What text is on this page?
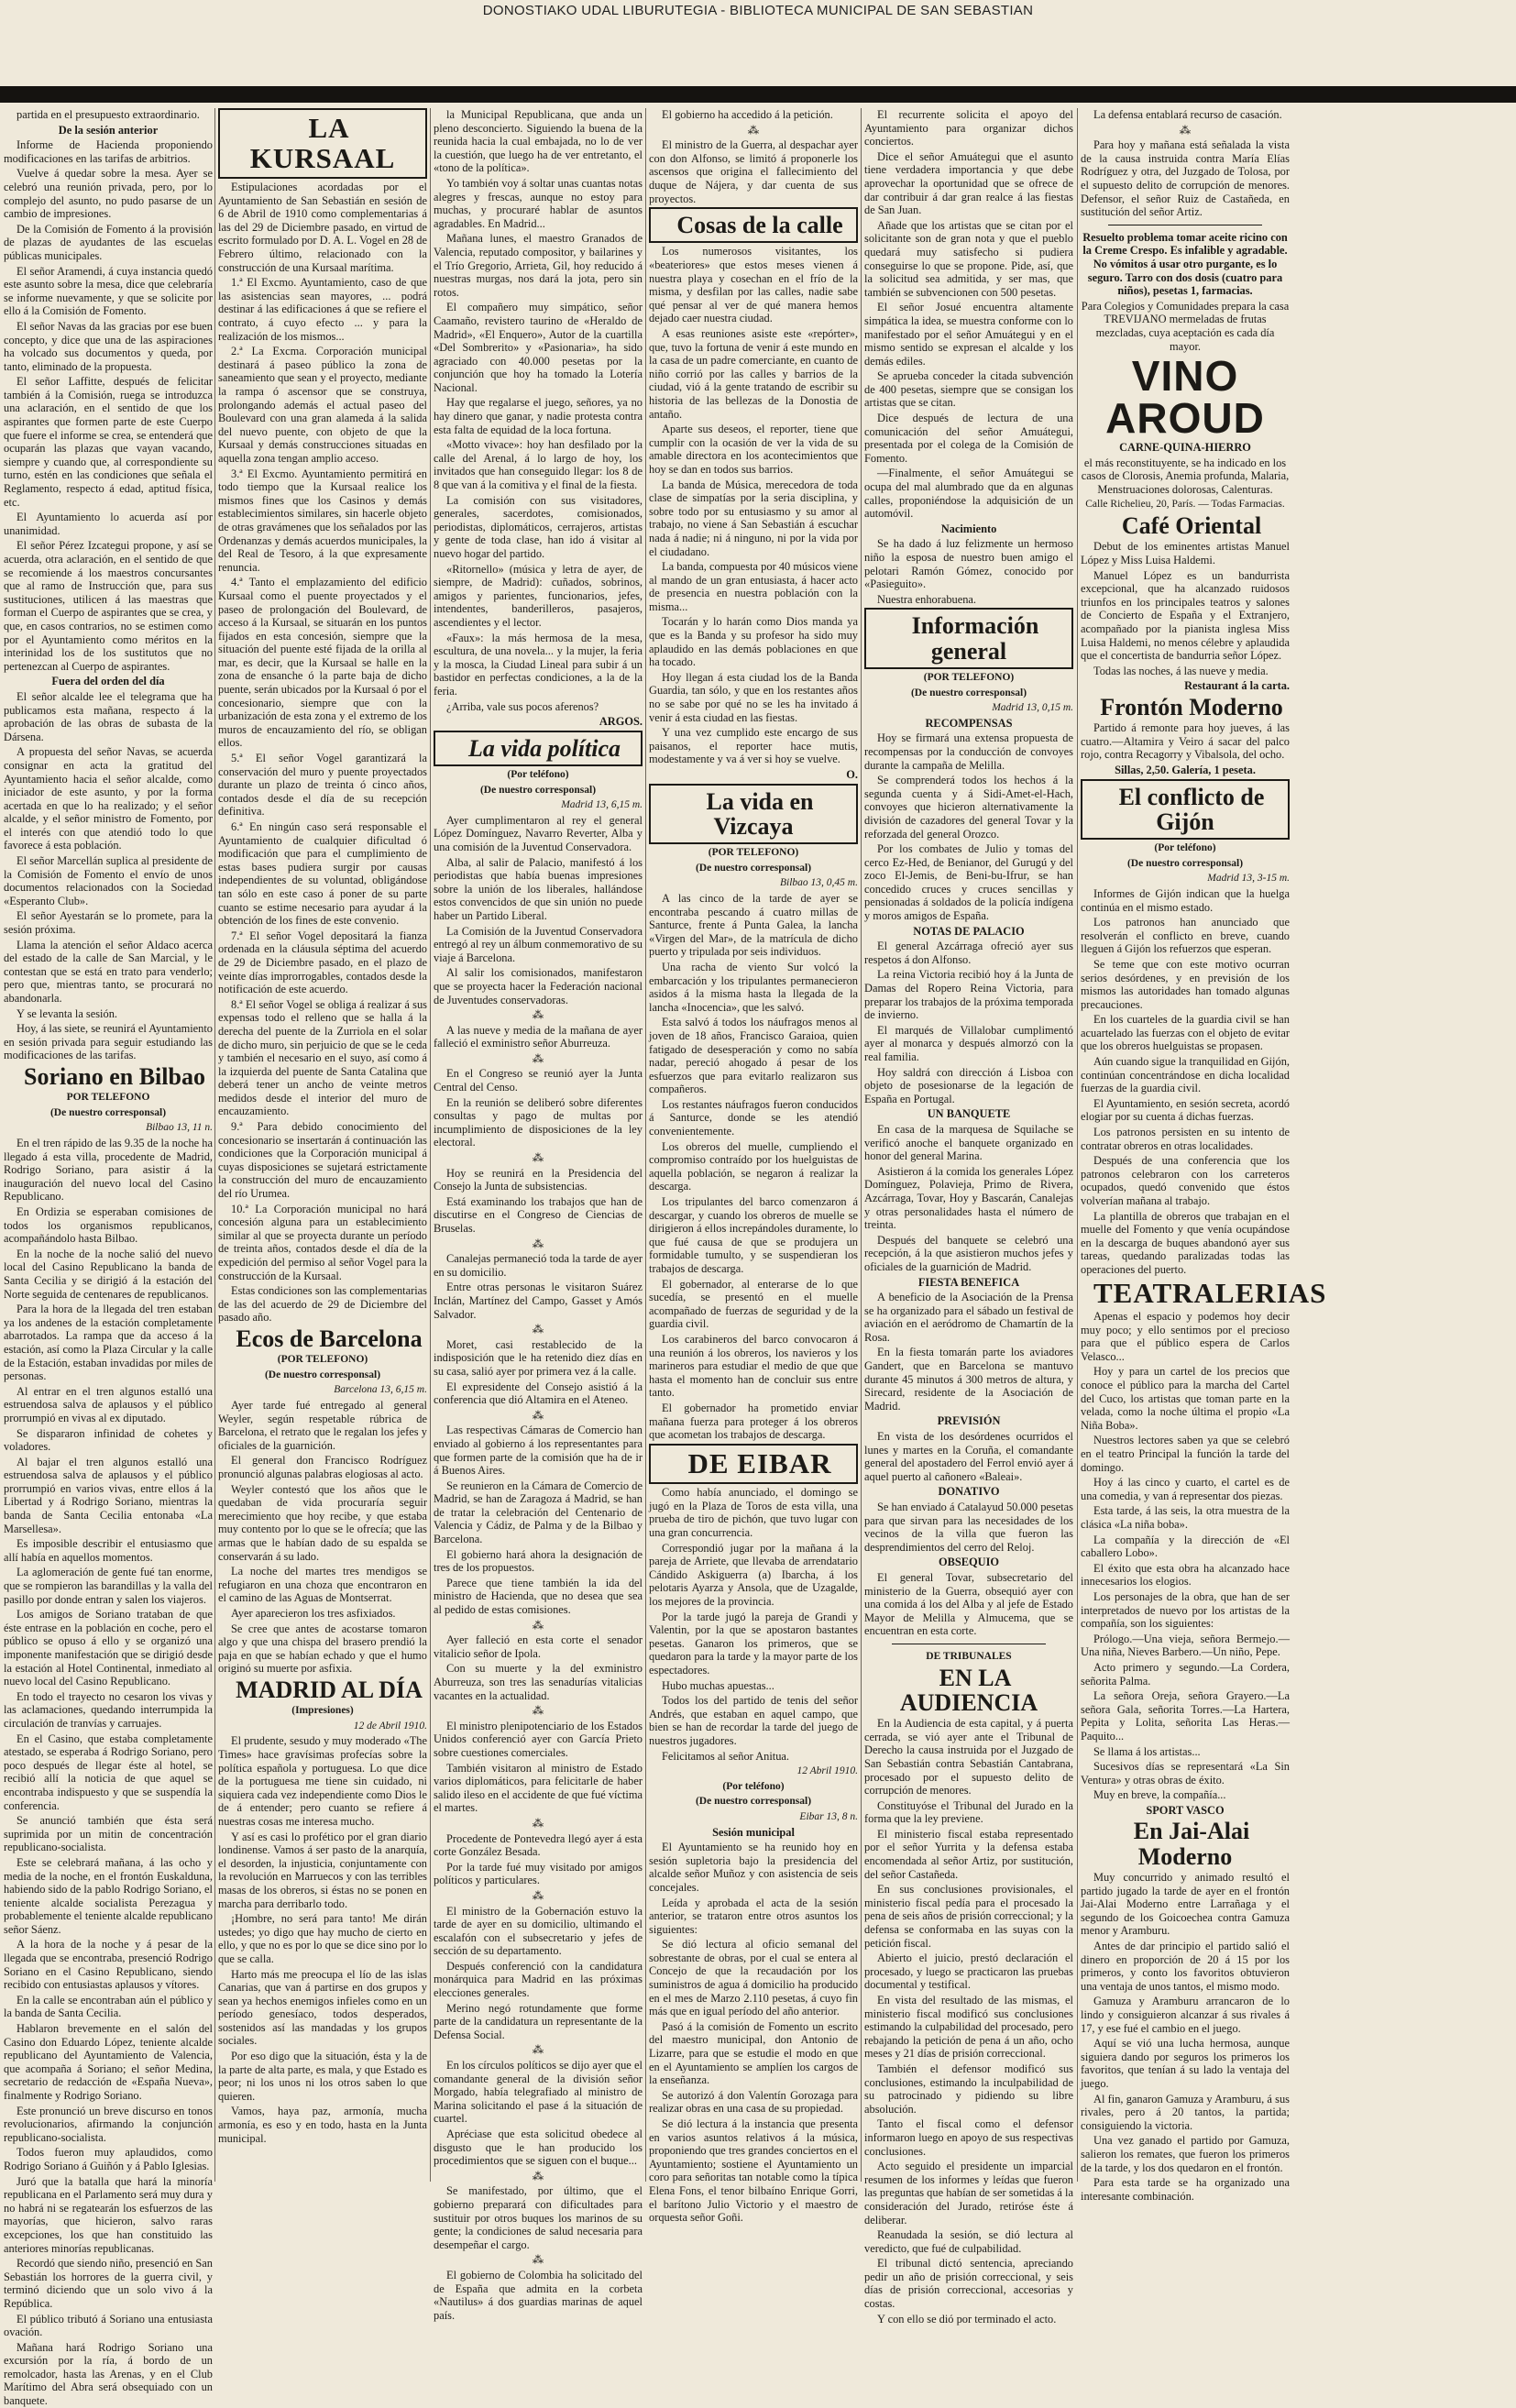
DONOSTIAKO UDAL LIBURUTEGIA - BIBLIOTECA MUNICIPAL DE SAN SEBASTIAN

partida en el presupuesto extraordinario.

De la sesión anterior

Informe de Hacienda proponiendo modificaciones en las tarifas de arbitrios.

Vuelve á quedar sobre la mesa. Ayer se celebró una reunión privada, pero, por lo complejo del asunto, no pudo pasarse de un cambio de impresiones.

De la Comisión de Fomento á la provisión de plazas de ayudantes de las escuelas públicas municipales.

El señor Aramendi, á cuya instancia quedó este asunto sobre la mesa, dice que celebraría se informe nuevamente, y que se solicite por ello á la Comisión de Fomento.

El señor Navas da las gracias por ese buen concepto, y dice que una de las aspiraciones ha volcado sus documentos y queda, por tanto, eliminado de la propuesta.

El señor Laffitte, después de felicitar también á la Comisión, ruega se introduzca una aclaración, en el sentido de que los aspirantes que formen parte de este Cuerpo que fuere el informe se crea, se entenderá que ocuparán las plazas que vayan vacando, siempre y cuando que, al correspondiente su turno, estén en las condiciones que señala el Reglamento, respecto á edad, aptitud física, etc.

El Ayuntamiento lo acuerda así por unanimidad.

El señor Pérez Izcategui propone, y así se acuerda, otra aclaración, en el sentido de que se recomiende á los maestros concursantes que al ramo de Instrucción que, para sus sustituciones, utilicen á las maestras que forman el Cuerpo de aspirantes que se crea, y que, en casos contrarios, no se estimen como por el Ayuntamiento como méritos en la interinidad los de los sustitutos que no pertenezcan al Cuerpo de aspirantes.

Fuera del orden del día

El señor alcalde lee el telegrama que ha publicamos esta mañana, respecto á la aprobación de las obras de subasta de la Dársena.

A propuesta del señor Navas, se acuerda consignar en acta la gratitud del Ayuntamiento hacia el señor alcalde, como iniciador de este asunto, y por la forma acertada en que lo ha realizado; y el señor alcalde, y el señor ministro de Fomento, por el interés con que atendió todo lo que favorece á esta población.

El señor Marcellán suplica al presidente de la Comisión de Fomento el envío de unos documentos relacionados con la Sociedad «Esperanto Club».

El señor Ayestarán se lo promete, para la sesión próxima.

Llama la atención el señor Aldaco acerca del estado de la calle de San Marcial, y le contestan que se está en trato para venderlo; pero que, mientras tanto, se procurará no abandonarla.

Y se levanta la sesión.

Hoy, á las siete, se reunirá el Ayuntamiento en sesión privada para seguir estudiando las modificaciones de las tarifas.

Soriano en Bilbao

POR TELEFONO

(De nuestro corresponsal)

Bilbao 13, 11 n.

En el tren rápido de las 9.35 de la noche ha llegado á esta villa, procedente de Madrid, Rodrigo Soriano, para asistir á la inauguración del nuevo local del Casino Republicano.

En Ordizia se esperaban comisiones de todos los organismos republicanos, acompañándolo hasta Bilbao.

En la noche de la noche salió del nuevo local del Casino Republicano la banda de Santa Cecilia y se dirigió á la estación del Norte seguida de centenares de republicanos.

Para la hora de la llegada del tren estaban ya los andenes de la estación completamente abarrotados. La rampa que da acceso á la estación, así como la Plaza Circular y la calle de la Estación, estaban invadidas por miles de personas.

Al entrar en el tren algunos estalló una estruendosa salva de aplausos y el público prorrumpió en vivas al ex diputado.

Se dispararon infinidad de cohetes y voladores.

Al bajar el tren algunos estalló una estruendosa salva de aplausos y el público prorrumpió en varios vivas, entre ellos á la Libertad y á Rodrigo Soriano, mientras la banda de Santa Cecilia entonaba «La Marsellesa».

Es imposible describir el entusiasmo que allí había en aquellos momentos.

La aglomeración de gente fué tan enorme, que se rompieron las barandillas y la valla del pasillo por donde entran y salen los viajeros.

Los amigos de Soriano trataban de que éste entrase en la población en coche, pero el público se opuso á ello y se organizó una imponente manifestación que se dirigió desde la estación al Hotel Continental, inmediato al nuevo local del Casino Republicano.

En todo el trayecto no cesaron los vivas y las aclamaciones, quedando interrumpida la circulación de tranvías y carruajes.

En el Casino, que estaba completamente atestado, se esperaba á Rodrigo Soriano, pero poco después de llegar éste al hotel, se recibió allí la noticia de que aquel se encontraba indispuesto y que se suspendía la conferencia.

Se anunció también que ésta será suprimida por un mitin de concentración republicano-socialista.

Este se celebrará mañana, á las ocho y media de la noche, en el frontón Euskalduna, habiendo sido de la pablo Rodrigo Soriano, el teniente alcalde socialista Perezagua y probablemente el teniente alcalde republicano señor Sáenz.

A la hora de la noche y á pesar de la llegada que se encontraba, presenció Rodrigo Soriano en el Casino Republicano, siendo recibido con entusiastas aplausos y vítores.

En la calle se encontraban aún el público y la banda de Santa Cecilia.

Hablaron brevemente en el salón del Casino don Eduardo López, teniente alcalde republicano del Ayuntamiento de Valencia, que acompaña á Soriano; el señor Medina, secretario de redacción de «España Nueva», finalmente y Rodrigo Soriano.

Este pronunció un breve discurso en tonos revolucionarios, afirmando la conjunción republicano-socialista.

Todos fueron muy aplaudidos, como Rodrigo Soriano á Guiñón y á Pablo Iglesias.

Juró que la batalla que hará la minoría republicana en el Parlamento será muy dura y no habrá ni se regatearán los esfuerzos de las mayorías, que hicieron, salvo raras excepciones, los que han constituido las anteriores minorías republicanas.

Recordó que siendo niño, presenció en San Sebastián los horrores de la guerra civil, y terminó diciendo que un solo vivo á la República.

El público tributó á Soriano una entusiasta ovación.

Mañana hará Rodrigo Soriano una excursión por la ría, á bordo de un remolcador, hasta las Arenas, y en el Club Marítimo del Abra será obsequiado con un banquete.

LA KURSAAL

Estipulaciones acordadas por el Ayuntamiento de San Sebastián en sesión de 6 de Abril de 1910 como complementarias á las del 29 de Diciembre pasado, en virtud de escrito formulado por D. A. L. Vogel en 28 de Febrero último, relacionado con la construcción de una Kursaal marítima.

1.ª El Excmo. Ayuntamiento, caso de que las asistencias sean mayores, ... podrá destinar á las edificaciones á que se refiere el contrato, á cuyo efecto ... y para la realización de los mismos...

2.ª La Excma. Corporación municipal destinará á paseo público la zona de saneamiento que sean y el proyecto, mediante la rampa ó ascensor que se construya, prolongando además el actual paseo del Boulevard con una gran alameda á la salida del nuevo puente, con objeto de que la Kursaal y demás construcciones situadas en aquella zona tengan amplio acceso.

3.ª El Excmo. Ayuntamiento permitirá en todo tiempo que la Kursaal realice los mismos fines que los Casinos y demás establecimientos similares, sin hacerle objeto de otras gravámenes que los señalados por las Ordenanzas y demás acuerdos municipales, la del Real de Tesoro, á la que expresamente renuncia.

4.ª Tanto el emplazamiento del edificio Kursaal como el puente proyectados y el paseo de prolongación del Boulevard, de acceso á la Kursaal, se situarán en los puntos fijados en esta concesión, siempre que la situación del puente esté fijada de la orilla al mar, es decir, que la Kursaal se halle en la zona de ensanche ó la parte baja de dicho puente, serán ubicados por la Kursaal ó por el concesionario, siempre que con la urbanización de esta zona y el extremo de los muros de encauzamiento del río, se obligan ellos.

5.ª El señor Vogel garantizará la conservación del muro y puente proyectados durante un plazo de treinta ó cinco años, contados desde el día de su recepción definitiva.

6.ª En ningún caso será responsable el Ayuntamiento de cualquier dificultad ó modificación que para el cumplimiento de estas bases pudiera surgir por causas independientes de su voluntad, obligándose tan sólo en este caso á poner de su parte cuanto se estime necesario para ayudar á la obtención de los fines de este convenio.

7.ª El señor Vogel depositará la fianza ordenada en la cláusula séptima del acuerdo de 29 de Diciembre pasado, en el plazo de veinte días improrrogables, contados desde la notificación de este acuerdo.

8.ª El señor Vogel se obliga á realizar á sus expensas todo el relleno que se halla á la derecha del puente de la Zurriola en el solar de dicho muro, sin perjuicio de que se le ceda y también el necesario en el suyo, así como á la izquierda del puente de Santa Catalina que deberá tener un ancho de veinte metros medidos desde el interior del muro de encauzamiento.

9.ª Para debido conocimiento del concesionario se insertarán á continuación las condiciones que la Corporación municipal á cuyas disposiciones se sujetará estrictamente la construcción del muro de encauzamiento del río Urumea.

10.ª La Corporación municipal no hará concesión alguna para un establecimiento similar al que se proyecta durante un período de treinta años, contados desde el día de la expedición del permiso al señor Vogel para la construcción de la Kursaal.

Estas condiciones son las complementarias de las del acuerdo de 29 de Diciembre del pasado año.

Ecos de Barcelona

(POR TELEFONO)

(De nuestro corresponsal)

Barcelona 13, 6,15 m.

Ayer tarde fué entregado al general Weyler, según respetable rúbrica de Barcelona, el retrato que le regalan los jefes y oficiales de la guarnición.

El general don Francisco Rodríguez pronunció algunas palabras elogiosas al acto.

Weyler contestó que los años que le quedaban de vida procuraría seguir merecimiento que hoy recibe, y que estaba muy contento por lo que se le ofrecía; que las armas que le habían dado de su espalda se conservarán á su lado.

La noche del martes tres mendigos se refugiaron en una choza que encontraron en el camino de las Aguas de Montserrat.

Ayer aparecieron los tres asfixiados.

Se cree que antes de acostarse tomaron algo y que una chispa del brasero prendió la paja en que se habían echado y que el humo originó su muerte por asfixia.

MADRID AL DÍA

(Impresiones)

12 de Abril 1910.

El prudente, sesudo y muy moderado «The Times» hace gravísimas profecías sobre la política española y portuguesa. Lo que dice de la portuguesa me tiene sin cuidado, ni siquiera cada vez independiente como Dios le de á entender; pero cuanto se refiere á nuestras cosas me interesa mucho.

Y así es casi lo profético por el gran diario londinense. Vamos á ser pasto de la anarquía, el desorden, la injusticia, conjuntamente con la revolución en Marruecos y con las terribles masas de los obreros, si éstas no se ponen en marcha para derribarlo todo.

¡Hombre, no será para tanto! Me dirán ustedes; yo digo que hay mucho de cierto en ello, y que no es por lo que se dice sino por lo que se calla.

Harto más me preocupa el lío de las islas Canarias, que van á partirse en dos grupos y sean ya hechos enemigos infieles como en un período genesíaco, todos desperados, sostenidos así las mandadas y los grupos sociales.

Por eso digo que la situación, ésta y la de la parte de alta parte, es mala, y que Estado es peor; ni los unos ni los otros saben lo que quieren.

Vamos, haya paz, armonía, mucha armonía, es eso y en todo, hasta en la Junta municipal.

la Municipal Republicana, que anda un pleno desconcierto. Siguiendo la buena de la reunida hacia la cual embajada, no lo de ver la cuestión, que luego ha de ver entretanto, el «tono de la política».

Yo también voy á soltar unas cuantas notas alegres y frescas, aunque no estoy para muchas, y procuraré hablar de asuntos agradables. En Madrid...

Mañana lunes, el maestro Granados de Valencia, reputado compositor, y bailarines y el Trío Gregorio, Arrieta, Gil, hoy reducido á nuestras murgas, nos dará la jota, pero sin rotos.

El compañero muy simpático, señor Caamaño, revistero taurino de «Heraldo de Madrid», «El Enquero», Autor de la cuartilla «Del Sombrerito» y «Pasionaria», ha sido agraciado con 40.000 pesetas por la conjunción que hoy ha tomado la Lotería Nacional.

Hay que regalarse el juego, señores, ya no hay dinero que ganar, y nadie protesta contra esta falta de equidad de la loca fortuna.

«Motto vivace»: hoy han desfilado por la calle del Arenal, á lo largo de hoy, los invitados que han conseguido llegar: los 8 de 8 que van á la comitiva y el final de la fiesta.

La comisión con sus visitadores, generales, sacerdotes, comisionados, periodistas, diplomáticos, cerrajeros, artistas y gente de toda clase, han ido á visitar al nuevo hogar del partido.

«Ritornello» (música y letra de ayer, de siempre, de Madrid): cuñados, sobrinos, amigos y parientes, funcionarios, jefes, intendentes, banderilleros, pasajeros, ascendientes y el lector.

«Faux»: la más hermosa de la mesa, escultura, de una novela... y la mujer, la feria y la mosca, la Ciudad Lineal para subir á un bastidor en perfectas condiciones, a la de la feria.

¿Arriba, vale sus pocos aferenos?

ARGOS.

La vida política

(Por teléfono)

(De nuestro corresponsal)

Madrid 13, 6,15 m.

Ayer cumplimentaron al rey el general López Domínguez, Navarro Reverter, Alba y una comisión de la Juventud Conservadora.

Alba, al salir de Palacio, manifestó á los periodistas que había buenas impresiones sobre la unión de los liberales, hallándose estos convencidos de que sin unión no puede haber un Partido Liberal.

La Comisión de la Juventud Conservadora entregó al rey un álbum conmemorativo de su viaje á Barcelona.

Al salir los comisionados, manifestaron que se proyecta hacer la Federación nacional de Juventudes conservadoras.

⁂

A las nueve y media de la mañana de ayer falleció el exministro señor Aburreuza.

⁂

En el Congreso se reunió ayer la Junta Central del Censo.

En la reunión se deliberó sobre diferentes consultas y pago de multas por incumplimiento de disposiciones de la ley electoral.

⁂

Hoy se reunirá en la Presidencia del Consejo la Junta de subsistencias.

Está examinando los trabajos que han de discutirse en el Congreso de Ciencias de Bruselas.

⁂

Canalejas permaneció toda la tarde de ayer en su domicilio.

Entre otras personas le visitaron Suárez Inclán, Martínez del Campo, Gasset y Amós Salvador.

⁂

Moret, casi restablecido de la indisposición que le ha retenido diez días en su casa, salió ayer por primera vez á la calle.

El expresidente del Consejo asistió á la conferencia que dió Altamira en el Ateneo.

⁂

Las respectivas Cámaras de Comercio han enviado al gobierno á los representantes para que formen parte de la comisión que ha de ir á Buenos Aires.

Se reunieron en la Cámara de Comercio de Madrid, se han de Zaragoza á Madrid, se han de tratar la celebración del Centenario de Valencia y Cádiz, de Palma y de la Bilbao y Barcelona.

El gobierno hará ahora la designación de tres de los propuestos.

Parece que tiene también la ida del ministro de Hacienda, que no desea que sea al pedido de estas comisiones.

⁂

Ayer falleció en esta corte el senador vitalicio señor de Ipola.

Con su muerte y la del exministro Aburreuza, son tres las senadurías vitalicias vacantes en la actualidad.

⁂

El ministro plenipotenciario de los Estados Unidos conferenció ayer con García Prieto sobre cuestiones comerciales.

También visitaron al ministro de Estado varios diplomáticos, para felicitarle de haber salido ileso en el accidente de que fué víctima el martes.

⁂

Procedente de Pontevedra llegó ayer á esta corte González Besada.

Por la tarde fué muy visitado por amigos políticos y particulares.

⁂

El ministro de la Gobernación estuvo la tarde de ayer en su domicilio, ultimando el escalafón con el subsecretario y jefes de sección de su departamento.

Después conferenció con la candidatura monárquica para Madrid en las próximas elecciones generales.

Merino negó rotundamente que forme parte de la candidatura un representante de la Defensa Social.

⁂

En los círculos políticos se dijo ayer que el comandante general de la división señor Morgado, había telegrafiado al ministro de Marina solicitando el pase á la situación de cuartel.

Apréciase que esta solicitud obedece al disgusto que le han producido los procedimientos que se siguen con el buque...

⁂

Se manifestado, por último, que el gobierno preparará con dificultades para sustituir por otros buques los marinos de su gente; la condiciones de salud necesaria para desempeñar el cargo.

⁂

El gobierno de Colombia ha solicitado del de España que admita en la corbeta «Nautilus» á dos guardias marinas de aquel país.

El gobierno ha accedido á la petición.

⁂

El ministro de la Guerra, al despachar ayer con don Alfonso, se limitó á proponerle los ascensos que origina el fallecimiento del duque de Nájera, y dar cuenta de sus proyectos.

Cosas de la calle

Los numerosos visitantes, los «beateriores» que estos meses vienen á nuestra playa y cosechan en el frío de la misma, y desfilan por las calles, nadie sabe qué pensar al ver de qué manera hemos dejado caer nuestra ciudad.

A esas reuniones asiste este «repórter», que, tuvo la fortuna de venir á este mundo en la casa de un padre comerciante, en cuanto de niño corrió por las calles y barrios de la ciudad, vió á la gente tratando de escribir su historia de las bellezas de la Donostia de antaño.

Aparte sus deseos, el reporter, tiene que cumplir con la ocasión de ver la vida de su amable directora en los acontecimientos que hoy se dan en todos sus barrios.

La banda de Música, merecedora de toda clase de simpatías por la seria disciplina, y sobre todo por su entusiasmo y su amor al trabajo, no viene á San Sebastián á escuchar nada á nadie; ni á ninguno, ni por la vida por el ciudadano.

La banda, compuesta por 40 músicos viene al mando de un gran entusiasta, á hacer acto de presencia en nuestra población con la misma...

Tocarán y lo harán como Dios manda ya que es la Banda y su profesor ha sido muy aplaudido en las demás poblaciones en que ha tocado.

Hoy llegan á esta ciudad los de la Banda Guardia, tan sólo, y que en los restantes años no se sabe por qué no se les ha invitado á venir á esta ciudad en las fiestas.

Y una vez cumplido este encargo de sus paisanos, el reporter hace mutis, modestamente y va á ver si hoy se vuelve.

O.

La vida en Vizcaya

(POR TELEFONO)

(De nuestro corresponsal)

Bilbao 13, 0,45 m.

A las cinco de la tarde de ayer se encontraba pescando á cuatro millas de Santurce, frente á Punta Galea, la lancha «Virgen del Mar», de la matrícula de dicho puerto y tripulada por seis individuos.

Una racha de viento Sur volcó la embarcación y los tripulantes permanecieron asidos á la misma hasta la llegada de la lancha «Inocencia», que les salvó.

Esta salvó á todos los náufragos menos al joven de 18 años, Francisco Garaioa, quien fatigado de desesperación y como no sabía nadar, pereció ahogado á pesar de los esfuerzos que para evitarlo realizaron sus compañeros.

Los restantes náufragos fueron conducidos á Santurce, donde se les atendió convenientemente.

Los obreros del muelle, cumpliendo el compromiso contraído por los huelguistas de aquella población, se negaron á realizar la descarga.

Los tripulantes del barco comenzaron á descargar, y cuando los obreros de muelle se dirigieron á ellos increpándoles duramente, lo que fué causa de que se produjera un formidable tumulto, y se suspendieran los trabajos de descarga.

El gobernador, al enterarse de lo que sucedía, se presentó en el muelle acompañado de fuerzas de seguridad y de la guardia civil.

Los carabineros del barco convocaron á una reunión á los obreros, los navieros y los marineros para estudiar el medio de que que hasta el momento han de concluir sus entre tanto.

El gobernador ha prometido enviar mañana fuerza para proteger á los obreros que acometan los trabajos de descarga.

DE EIBAR

Como había anunciado, el domingo se jugó en la Plaza de Toros de esta villa, una prueba de tiro de pichón, que tuvo lugar con una gran concurrencia.

Correspondió jugar por la mañana á la pareja de Arriete, que llevaba de arrendatario Cándido Askiguerra (a) Ibarcha, á los pelotaris Ayarza y Ansola, que de Uzagalde, los mejores de la provincia.

Por la tarde jugó la pareja de Grandi y Valentin, por la que se apostaron bastantes pesetas. Ganaron los primeros, que se quedaron para la tarde y la mayor parte de los espectadores.

Hubo muchas apuestas...

Todos los del partido de tenis del señor Andrés, que estaban en aquel campo, que bien se han de recordar la tarde del juego de nuestros jugadores.

Felicitamos al señor Anitua.

12 Abril 1910.

(Por teléfono)

(De nuestro corresponsal)

Eibar 13, 8 n.

Sesión municipal

El Ayuntamiento se ha reunido hoy en sesión supletoria bajo la presidencia del alcalde señor Muñoz y con asistencia de seis concejales.

Leída y aprobada el acta de la sesión anterior, se trataron entre otros asuntos los siguientes:

Se dió lectura al oficio semanal del sobrestante de obras, por el cual se entera al Concejo de que la recaudación por los suministros de agua á domicilio ha producido en el mes de Marzo 2.110 pesetas, á cuyo fin más que en igual período del año anterior.

Pasó á la comisión de Fomento un escrito del maestro municipal, don Antonio de Lizarre, para que se estudie el modo en que en el Ayuntamiento se amplíen los cargos de la enseñanza.

Se autorizó á don Valentín Gorozaga para realizar obras en una casa de su propiedad.

Se dió lectura á la instancia que presenta en varios asuntos relativos á la música, proponiendo que tres grandes conciertos en el Ayuntamiento; sostiene el Ayuntamiento un coro para señoritas tan notable como la típica Elena Fons, el tenor bilbaíno Enrique Gorri, el barítono Julio Victorio y el maestro de orquesta señor Goñi.

El recurrente solicita el apoyo del Ayuntamiento para organizar dichos conciertos.

Dice el señor Amuátegui que el asunto tiene verdadera importancia y que debe aprovechar la oportunidad que se ofrece de dar contribuir á dar gran realce á las fiestas de San Juan.

Añade que los artistas que se citan por el solicitante son de gran nota y que el pueblo quedará muy satisfecho si pudiera conseguirse lo que se propone. Pide, así, que la solicitud sea admitida, y ser mas, que también se subvencionen con 500 pesetas.

El señor Josué encuentra altamente simpática la idea, se muestra conforme con lo manifestado por el señor Amuátegui y en el mismo sentido se expresan el alcalde y los demás ediles.

Se aprueba conceder la citada subvención de 400 pesetas, siempre que se consigan los artistas que se citan.

Dice después de lectura de una comunicación del señor Amuátegui, presentada por el colega de la Comisión de Fomento.

—Finalmente, el señor Amuátegui se ocupa del mal alumbrado que da en algunas calles, proponiéndose la adquisición de un automóvil.

Nacimiento

Se ha dado á luz felizmente un hermoso niño la esposa de nuestro buen amigo el pelotari Ramón Gómez, conocido por «Pasieguito».

Nuestra enhorabuena.

Información general

(POR TELEFONO)

(De nuestro corresponsal)

Madrid 13, 0,15 m.

RECOMPENSAS

Hoy se firmará una extensa propuesta de recompensas por la conducción de convoyes durante la campaña de Melilla.

Se comprenderá todos los hechos á la segunda cuenta y á Sidi-Amet-el-Hach, convoyes que hicieron alternativamente la división de cazadores del general Tovar y la reforzada del general Orozco.

Por los combates de Julio y tomas del cerco Ez-Hed, de Benianor, del Gurugú y del zoco El-Jemis, de Beni-bu-Ifrur, se han concedido cruces y cruces sencillas y pensionadas á soldados de la policía indígena y moros amigos de España.

NOTAS DE PALACIO

El general Azcárraga ofreció ayer sus respetos á don Alfonso.

La reina Victoria recibió hoy á la Junta de Damas del Ropero Reina Victoria, para preparar los trabajos de la próxima temporada de invierno.

El marqués de Villalobar cumplimentó ayer al monarca y después almorzó con la real familia.

Hoy saldrá con dirección á Lisboa con objeto de posesionarse de la legación de España en Portugal.

UN BANQUETE

En casa de la marquesa de Squilache se verificó anoche el banquete organizado en honor del general Marina.

Asistieron á la comida los generales López Domínguez, Polavieja, Primo de Rivera, Azcárraga, Tovar, Hoy y Bascarán, Canalejas y otras personalidades hasta el número de treinta.

Después del banquete se celebró una recepción, á la que asistieron muchos jefes y oficiales de la guarnición de Madrid.

FIESTA BENEFICA

A beneficio de la Asociación de la Prensa se ha organizado para el sábado un festival de aviación en el aeródromo de Chamartín de la Rosa.

En la fiesta tomarán parte los aviadores Gandert, que en Barcelona se mantuvo durante 45 minutos á 300 metros de altura, y Sirecard, residente de la Asociación de Madrid.

PREVISIÓN

En vista de los desórdenes ocurridos el lunes y martes en la Coruña, el comandante general del apostadero del Ferrol envió ayer á aquel puerto al cañonero «Baleai».

DONATIVO

Se han enviado á Catalayud 50.000 pesetas para que sirvan para las necesidades de los vecinos de la villa que fueron las desprendimientos del cerro del Reloj.

OBSEQUIO

El general Tovar, subsecretario del ministerio de la Guerra, obsequió ayer con una comida á los del Alba y al jefe de Estado Mayor de Melilla y Almucema, que se encuentran en esta corte.

DE TRIBUNALES

EN LA AUDIENCIA

En la Audiencia de esta capital, y á puerta cerrada, se vió ayer ante el Tribunal de Derecho la causa instruida por el Juzgado de San Sebastián contra Sebastián Cantabrana, procesado por el supuesto delito de corrupción de menores.

Constituyóse el Tribunal del Jurado en la forma que la ley previene.

El ministerio fiscal estaba representado por el señor Yurrita y la defensa estaba encomendada al señor Artiz, por sustitución, del señor Castañeda.

En sus conclusiones provisionales, el ministerio fiscal pedía para el procesado la pena de seis años de prisión correccional; y la defensa se conformaba en las suyas con la petición fiscal.

Abierto el juicio, prestó declaración el procesado, y luego se practicaron las pruebas documental y testifical.

En vista del resultado de las mismas, el ministerio fiscal modificó sus conclusiones estimando la culpabilidad del procesado, pero rebajando la petición de pena á un año, ocho meses y 21 días de prisión correccional.

También el defensor modificó sus conclusiones, estimando la inculpabilidad de su patrocinado y pidiendo su libre absolución.

Tanto el fiscal como el defensor informaron luego en apoyo de sus respectivas conclusiones.

Acto seguido el presidente un imparcial resumen de los informes y leídas que fueron las preguntas que habían de ser sometidas á la consideración del Jurado, retiróse éste á deliberar.

Reanudada la sesión, se dió lectura al veredicto, que fué de culpabilidad.

El tribunal dictó sentencia, apreciando pedir un año de prisión correccional, y seis días de prisión correccional, accesorias y costas.

Y con ello se dió por terminado el acto.

La defensa entablará recurso de casación.

⁂

Para hoy y mañana está señalada la vista de la causa instruida contra María Elías Rodríguez y otra, del Juzgado de Tolosa, por el supuesto delito de corrupción de menores. Defensor, el señor Ruiz de Castañeda, en sustitución del señor Artiz.

Resuelto problema tomar aceite ricino con la Creme Crespo. Es infalible y agradable. No vómitos á usar otro purgante, es lo seguro. Tarro con dos dosis (cuatro para niños), pesetas 1, farmacias.

Para Colegios y Comunidades prepara la casa TREVIJANO mermeladas de frutas mezcladas, cuya aceptación es cada día mayor.

VINO AROUD

CARNE-QUINA-HIERRO

el más reconstituyente, se ha indicado en los casos de Clorosis, Anemia profunda, Malaria, Menstruaciones dolorosas, Calenturas.

Calle Richelieu, 20, París. — Todas Farmacias.

Café Oriental

Debut de los eminentes artistas Manuel López y Miss Luisa Haldemi.

Manuel López es un bandurrista excepcional, que ha alcanzado ruidosos triunfos en los principales teatros y salones de Concierto de España y el Extranjero, acompañado por la pianista inglesa Miss Luisa Haldemi, no menos célebre y aplaudida que el concertista de bandurria señor López.

Todas las noches, á las nueve y media.

Restaurant á la carta.

Frontón Moderno

Partido á remonte para hoy jueves, á las cuatro.—Altamira y Veiro á sacar del palco rojo, contra Recagorry y Vibalsola, del ocho.

Sillas, 2,50. Galería, 1 peseta.

El conflicto de Gijón

(Por teléfono)

(De nuestro corresponsal)

Madrid 13, 3-15 m.

Informes de Gijón indican que la huelga continúa en el mismo estado.

Los patronos han anunciado que resolverán el conflicto en breve, cuando lleguen á Gijón los refuerzos que esperan.

Se teme que con este motivo ocurran serios desórdenes, y en previsión de los mismos las autoridades han tomado algunas precauciones.

En los cuarteles de la guardia civil se han acuartelado las fuerzas con el objeto de evitar que los obreros huelguistas se propasen.

Aún cuando sigue la tranquilidad en Gijón, continúan concentrándose en dicha localidad fuerzas de la guardia civil.

El Ayuntamiento, en sesión secreta, acordó elogiar por su cuenta á dichas fuerzas.

Los patronos persisten en su intento de contratar obreros en otras localidades.

Después de una conferencia que los patronos celebraron con los carreteros ocupados, quedó convenido que éstos volverían mañana al trabajo.

La plantilla de obreros que trabajan en el muelle del Fomento y que venía ocupándose en la descarga de buques abandonó ayer sus tareas, quedando paralizadas todas las operaciones del puerto.

TEATRALERIAS

Apenas el espacio y podemos hoy decir muy poco; y ello sentimos por el precioso para que el público espera de Carlos Velasco...

Hoy y para un cartel de los precios que conoce el público para la marcha del Cartel del Cuco, los artistas que toman parte en la velada, como la noche última el propio «La Niña Boba».

Nuestros lectores saben ya que se celebró en el teatro Principal la función la tarde del domingo.

Hoy á las cinco y cuarto, el cartel es de una comedia, y van á representar dos piezas.

Esta tarde, á las seis, la otra muestra de la clásica «La niña boba».

La compañía y la dirección de «El caballero Lobo».

El éxito que esta obra ha alcanzado hace innecesarios los elogios.

Los personajes de la obra, que han de ser interpretados de nuevo por los artistas de la compañía, son los siguientes:

Prólogo.—Una vieja, señora Bermejo.—Una niña, Nieves Barbero.—Un niño, Pepe.

Acto primero y segundo.—La Cordera, señorita Palma.

La señora Oreja, señora Grayero.—La señora Gala, señorita Torres.—La Hartera, Pepita y Lolita, señorita Las Heras.—Paquito...

Se llama á los artistas...

Sucesivos días se representará «La Sin Ventura» y otras obras de éxito.

Muy en breve, la compañía...

SPORT VASCO

En Jai-Alai Moderno

Muy concurrido y animado resultó el partido jugado la tarde de ayer en el frontón Jai-Alai Moderno entre Larrañaga y el segundo de los Goicoechea contra Gamuza menor y Aramburu.

Antes de dar principio el partido salió el dinero en proporción de 20 á 15 por los primeros, y conto los favoritos obtuvieron una ventaja de unos tantos, el mismo modo.

Gamuza y Aramburu arrancaron de lo lindo y consiguieron alcanzar á sus rivales á 17, y ese fué el cambio en el juego.

Aquí se vió una lucha hermosa, aunque siguiera dando por seguros los primeros los favoritos, que tenían á su lado la ventaja del juego.

Al fin, ganaron Gamuza y Aramburu, á sus rivales, pero á 20 tantos, la partida; consiguiendo la victoria.

Una vez ganado el partido por Gamuza, salieron los remates, que fueron los primeros de la tarde, y los dos quedaron en el frontón.

Para esta tarde se ha organizado una interesante combinación.
